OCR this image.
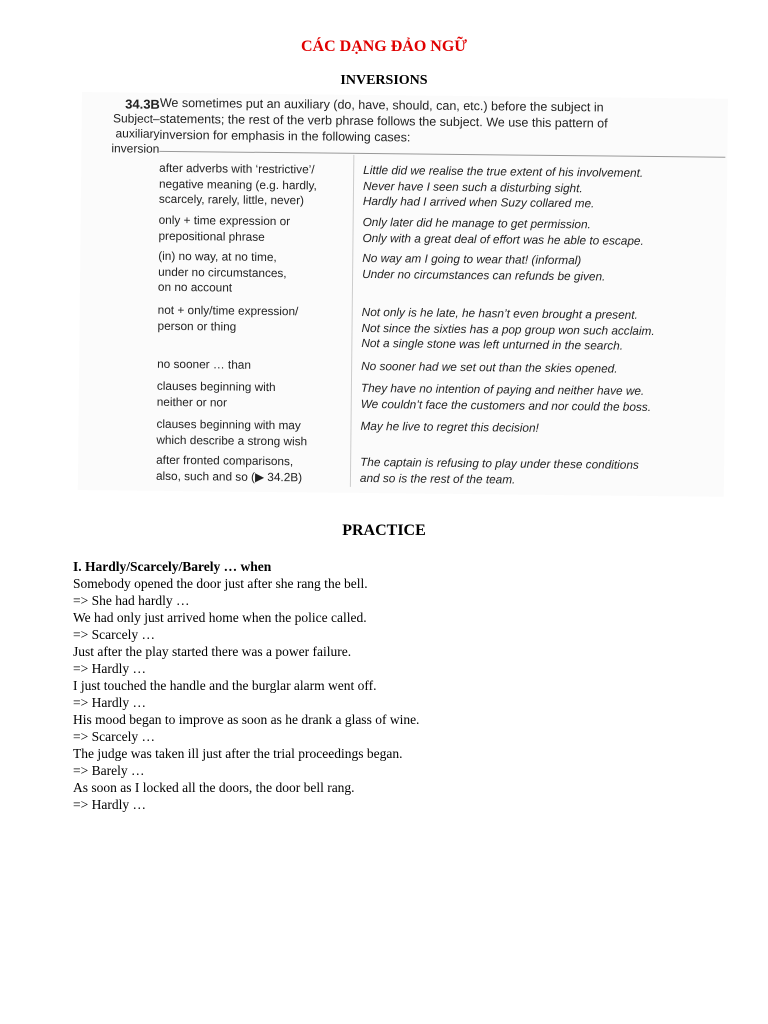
CÁC DẠNG ĐẢO NGỮ
INVERSIONS
34.3B
Subject–
auxiliary
inversion
We sometimes put an auxiliary (do, have, should, can, etc.) before the subject in
statements; the rest of the verb phrase follows the subject. We use this pattern of
inversion for emphasis in the following cases:
after adverbs with ‘restrictive’/
negative meaning (e.g. hardly,
scarcely, rarely, little, never)
Little did we realise the true extent of his involvement.
Never have I seen such a disturbing sight.
Hardly had I arrived when Suzy collared me.
only + time expression or
prepositional phrase
Only later did he manage to get permission.
Only with a great deal of effort was he able to escape.
(in) no way, at no time,
under no circumstances,
on no account
No way am I going to wear that! (informal)
Under no circumstances can refunds be given.
not + only/time expression/
person or thing
Not only is he late, he hasn’t even brought a present.
Not since the sixties has a pop group won such acclaim.
Not a single stone was left unturned in the search.
no sooner … than	No sooner had we set out than the skies opened.
clauses beginning with
neither or nor
They have no intention of paying and neither have we.
We couldn’t face the customers and nor could the boss.
clauses beginning with may
which describe a strong wish
May he live to regret this decision!
after fronted comparisons,
also, such and so (▶ 34.2B)
The captain is refusing to play under these conditions
and so is the rest of the team.
PRACTICE
I. Hardly/Scarcely/Barely … when
Somebody opened the door just after she rang the bell.
=> She had hardly …
We had only just arrived home when the police called.
=> Scarcely …
Just after the play started there was a power failure.
=> Hardly …
I just touched the handle and the burglar alarm went off.
=> Hardly …
His mood began to improve as soon as he drank a glass of wine.
=> Scarcely …
The judge was taken ill just after the trial proceedings began.
=> Barely …
As soon as I locked all the doors, the door bell rang.
=> Hardly …
